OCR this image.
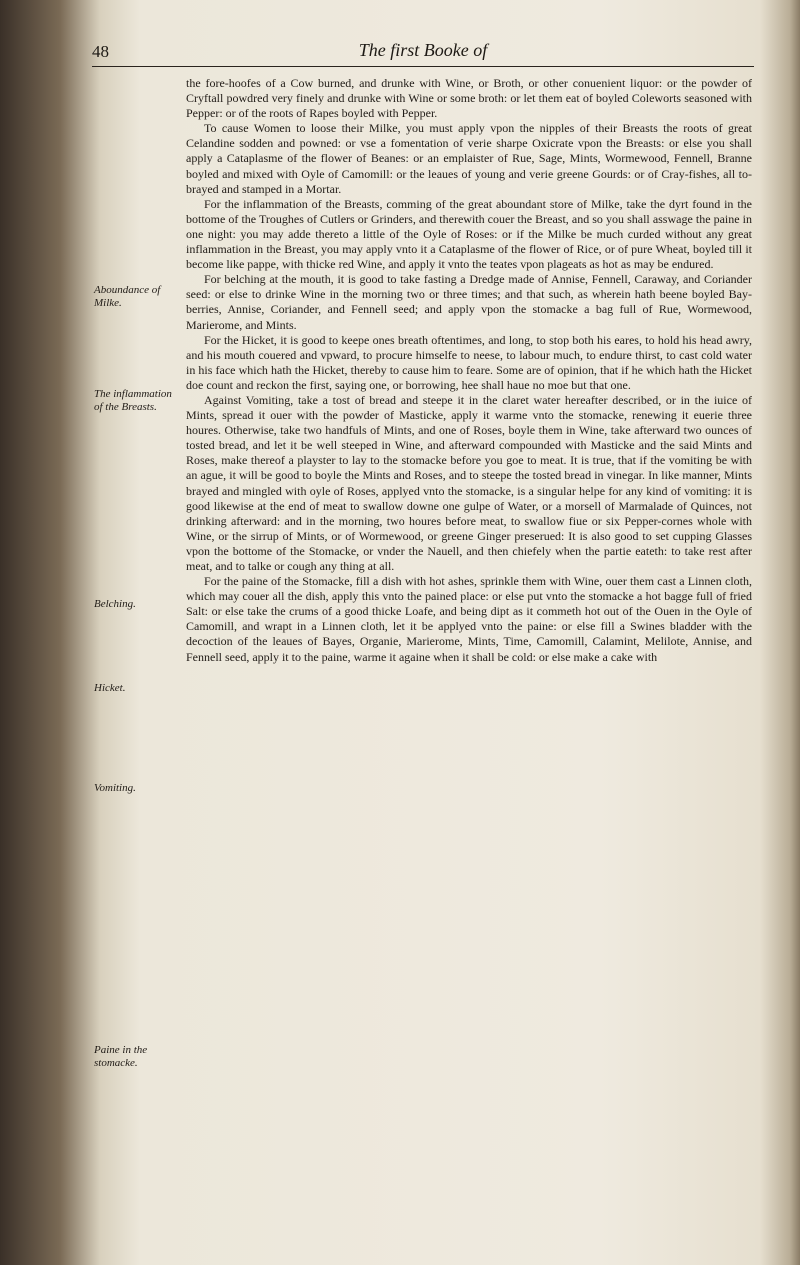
48	The first Booke of
Aboundance of Milke.
The inflammation of the Breasts.
Belching.
Hicket.
Vomiting.
Paine in the stomacke.

the fore-hoofes of a Cow burned, and drunke with Wine, or Broth, or other conuenient liquor: or the powder of Cryftall powdred very finely and drunke with Wine or some broth: or let them eat of boyled Coleworts seasoned with Pepper: or of the roots of Rapes boyled with Pepper.

To cause Women to loose their Milke, you must apply vpon the nipples of their Breasts the roots of great Celandine sodden and powned: or vse a fomentation of verie sharpe Oxicrate vpon the Breasts: or else you shall apply a Cataplasme of the flower of Beanes: or an emplaister of Rue, Sage, Mints, Wormewood, Fennell, Branne boyled and mixed with Oyle of Camomill: or the leaues of young and verie greene Gourds: or of Cray-fishes, all to-brayed and stamped in a Mortar.

For the inflammation of the Breasts, comming of the great aboundant store of Milke, take the dyrt found in the bottome of the Troughes of Cutlers or Grinders, and therewith couer the Breast, and so you shall asswage the paine in one night: you may adde thereto a little of the Oyle of Roses: or if the Milke be much curded without any great inflammation in the Breast, you may apply vnto it a Cataplasme of the flower of Rice, or of pure Wheat, boyled till it become like pappe, with thicke red Wine, and apply it vnto the teates vpon plageats as hot as may be endured.

For belching at the mouth, it is good to take fasting a Dredge made of Annise, Fennell, Caraway, and Coriander seed: or else to drinke Wine in the morning two or three times; and that such, as wherein hath beene boyled Bay-berries, Annise, Coriander, and Fennell seed; and apply vpon the stomacke a bag full of Rue, Wormewood, Marierome, and Mints.

For the Hicket, it is good to keepe ones breath oftentimes, and long, to stop both his eares, to hold his head awry, and his mouth couered and vpward, to procure himselfe to neese, to labour much, to endure thirst, to cast cold water in his face which hath the Hicket, thereby to cause him to feare. Some are of opinion, that if he which hath the Hicket doe count and reckon the first, saying one, or borrowing, hee shall haue no moe but that one.

Against Vomiting, take a tost of bread and steepe it in the claret water hereafter described, or in the iuice of Mints, spread it ouer with the powder of Masticke, apply it warme vnto the stomacke, renewing it euerie three houres. Otherwise, take two handfuls of Mints, and one of Roses, boyle them in Wine, take afterward two ounces of tosted bread, and let it be well steeped in Wine, and afterward compounded with Masticke and the said Mints and Roses, make thereof a playster to lay to the stomacke before you goe to meat. It is true, that if the vomiting be with an ague, it will be good to boyle the Mints and Roses, and to steepe the tosted bread in vinegar. In like manner, Mints brayed and mingled with oyle of Roses, applyed vnto the stomacke, is a singular helpe for any kind of vomiting: it is good likewise at the end of meat to swallow downe one gulpe of Water, or a morsell of Marmalade of Quinces, not drinking afterward: and in the morning, two houres before meat, to swallow fiue or six Pepper-cornes whole with Wine, or the sirrup of Mints, or of Wormewood, or greene Ginger preserued: It is also good to set cupping Glasses vpon the bottome of the Stomacke, or vnder the Nauell, and then chiefely when the partie eateth: to take rest after meat, and to talke or cough any thing at all.

For the paine of the Stomacke, fill a dish with hot ashes, sprinkle them with Wine, ouer them cast a Linnen cloth, which may couer all the dish, apply this vnto the pained place: or else put vnto the stomacke a hot bagge full of fried Salt: or else take the crums of a good thicke Loafe, and being dipt as it commeth hot out of the Ouen in the Oyle of Camomill, and wrapt in a Linnen cloth, let it be applyed vnto the paine: or else fill a Swines bladder with the decoction of the leaues of Bayes, Organie, Marierome, Mints, Time, Camomill, Calamint, Melilote, Annise, and Fennell seed, apply it to the paine, warme it againe when it shall be cold: or else make a cake with
